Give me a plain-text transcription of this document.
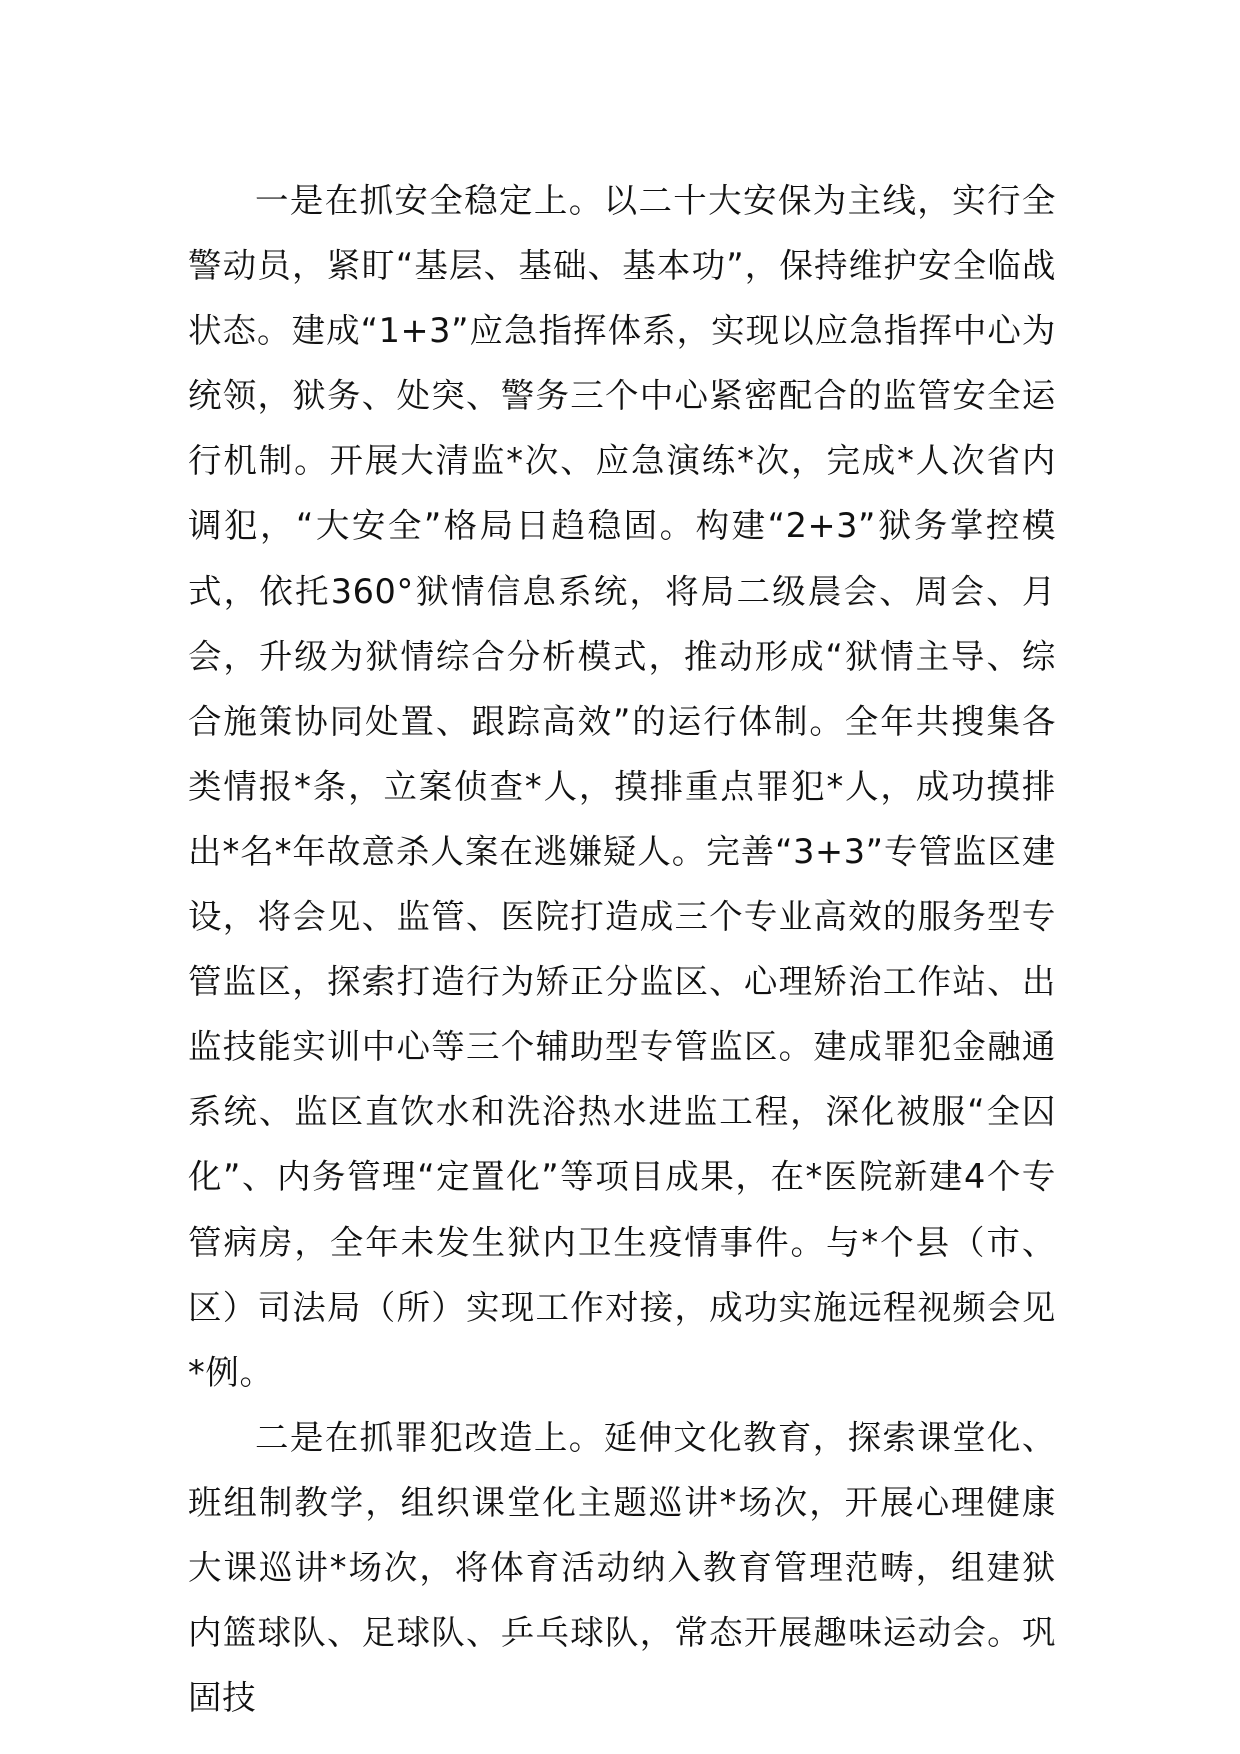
一是在抓安全稳定上。以二十大安保为主线，实行全警动员，紧盯“基层、基础、基本功”，保持维护安全临战状态。建成“1+3”应急指挥体系，实现以应急指挥中心为统领，狱务、处突、警务三个中心紧密配合的监管安全运行机制。开展大清监*次、应急演练*次，完成*人次省内调犯，“大安全”格局日趋稳固。构建“2+3”狱务掌控模式，依托360°狱情信息系统，将局二级晨会、周会、月会，升级为狱情综合分析模式，推动形成“狱情主导、综合施策协同处置、跟踪高效”的运行体制。全年共搜集各类情报*条，立案侦查*人，摸排重点罪犯*人，成功摸排出*名*年故意杀人案在逃嫌疑人。完善“3+3”专管监区建设，将会见、监管、医院打造成三个专业高效的服务型专管监区，探索打造行为矫正分监区、心理矫治工作站、出监技能实训中心等三个辅助型专管监区。建成罪犯金融通系统、监区直饮水和洗浴热水进监工程，深化被服“全囚化”、内务管理“定置化”等项目成果，在*医院新建4个专管病房，全年未发生狱内卫生疫情事件。与*个县（市、区）司法局（所）实现工作对接，成功实施远程视频会见*例。

二是在抓罪犯改造上。延伸文化教育，探索课堂化、班组制教学，组织课堂化主题巡讲*场次，开展心理健康大课巡讲*场次，将体育活动纳入教育管理范畴，组建狱内篮球队、足球队、乒乓球队，常态开展趣味运动会。巩固技
